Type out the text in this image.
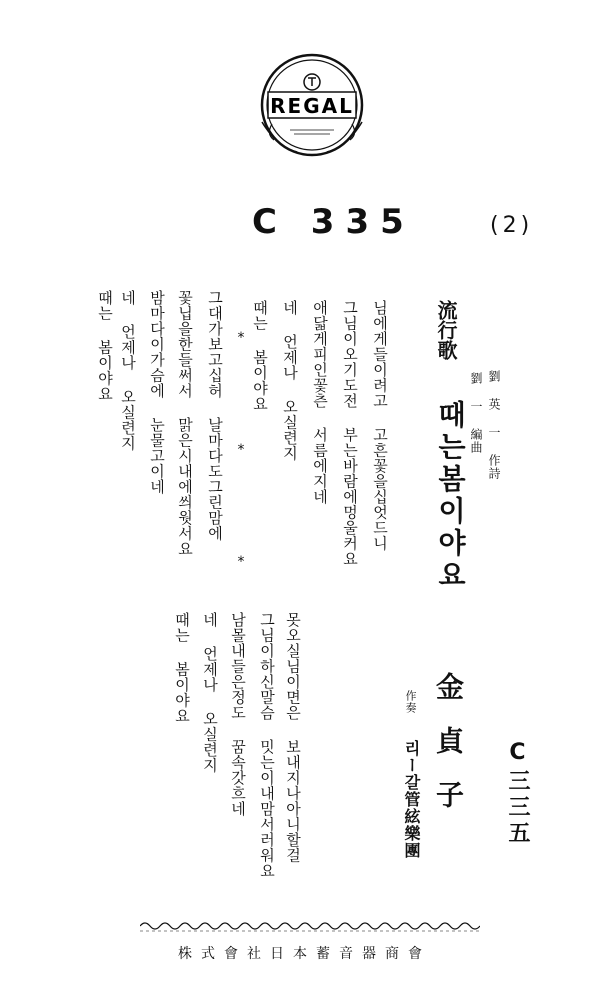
REGAL
C 335	(2)
流行歌
때는봄이야요 劉 英 一 作詩
劉 一 編曲
님에게들이려고 고흔꽃을십엇드니
그님이오기도전 부는바람에멍울커요
애닯게피인꽃츤 서름에지네
네 언제나 오실련지
때는 봄이야요
* * *
그대가보고십허 날마다도그린맘에
꽃닙을한들써서 맑은시내에씌웟서요
밤마다이가슴에 눈물고이네
네 언제나 오실련지
때는 봄이야요
못오실님이면은 보내지나아니할걸
그님이하신말슴 밋는이내맘서러워요
남몰내들은정도 꿈속갓흐네
네 언제나 오실련지
때는 봄이야요
金貞子
作奏
리ー갈管絃樂團	C三三五
株式會社日本蓄音器商會
